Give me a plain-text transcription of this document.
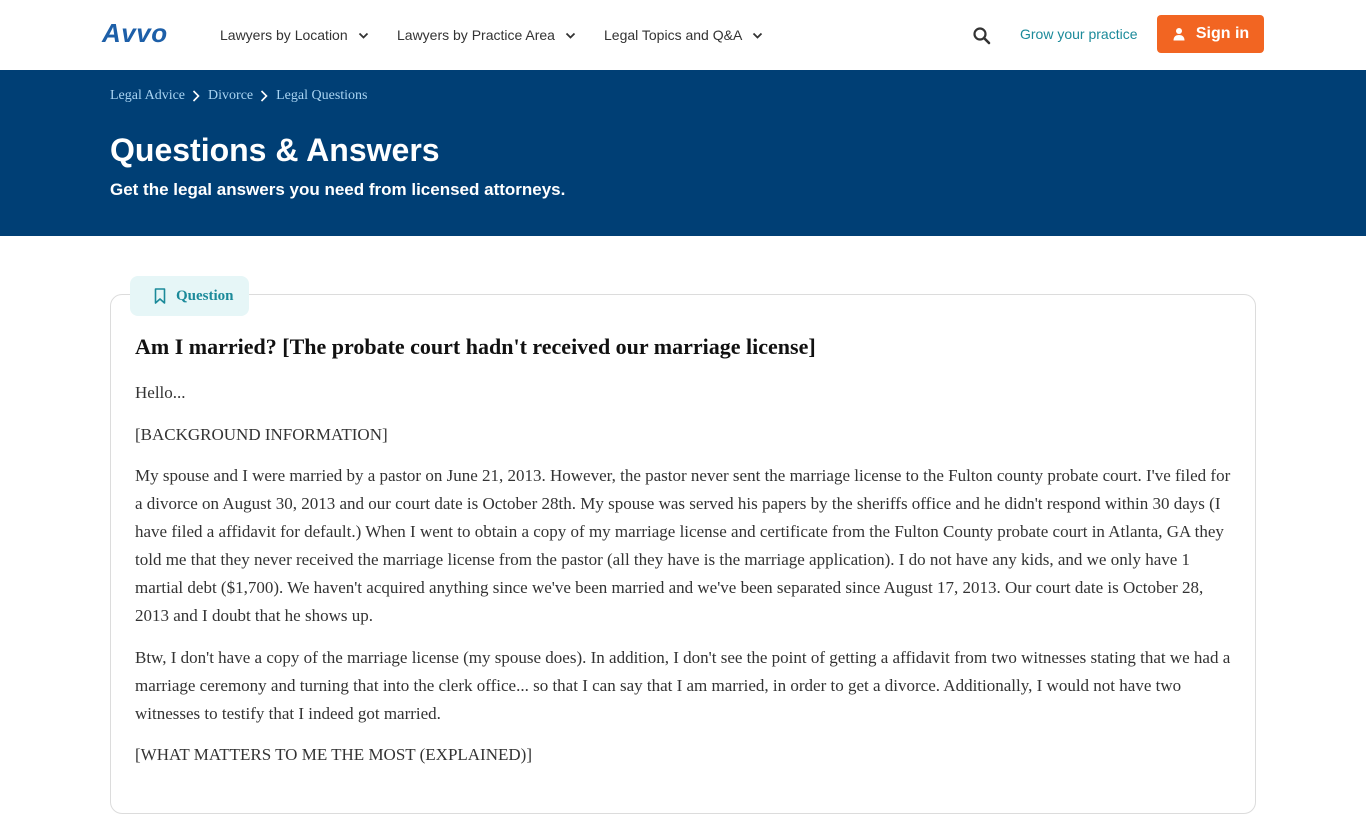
Avvo	Lawyers by Location	Lawyers by Practice Area	Legal Topics and Q&A	Grow your practice	Sign in
Legal Advice Divorce Legal Questions
Questions & Answers
Get the legal answers you need from licensed attorneys.
Question
Am I married? [The probate court hadn't received our marriage license]

Hello...

[BACKGROUND INFORMATION]

My spouse and I were married by a pastor on June 21, 2013. However, the pastor never sent the marriage license to the Fulton county probate court. I've filed for a divorce on August 30, 2013 and our court date is October 28th. My spouse was served his papers by the sheriffs office and he didn't respond within 30 days (I have filed a affidavit for default.) When I went to obtain a copy of my marriage license and certificate from the Fulton County probate court in Atlanta, GA they told me that they never received the marriage license from the pastor (all they have is the marriage application). I do not have any kids, and we only have 1 martial debt ($1,700). We haven't acquired anything since we've been married and we've been separated since August 17, 2013. Our court date is October 28, 2013 and I doubt that he shows up.

Btw, I don't have a copy of the marriage license (my spouse does). In addition, I don't see the point of getting a affidavit from two witnesses stating that we had a marriage ceremony and turning that into the clerk office... so that I can say that I am married, in order to get a divorce. Additionally, I would not have two witnesses to testify that I indeed got married.

[WHAT MATTERS TO ME THE MOST (EXPLAINED)]
